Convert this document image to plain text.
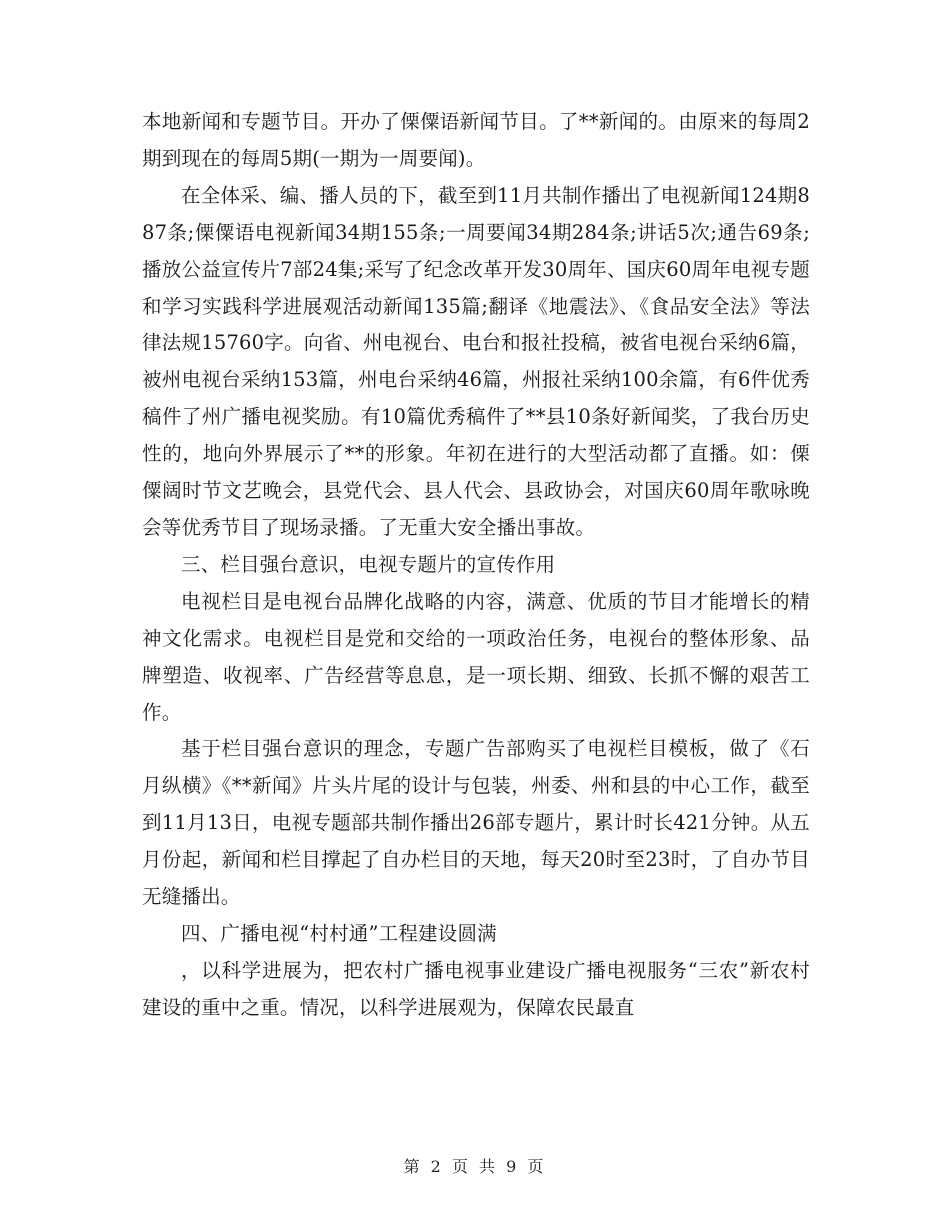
本地新闻和专题节目。开办了傈僳语新闻节目。了**新闻的。由原来的每周2期到现在的每周5期(一期为一周要闻)。

在全体采、编、播人员的下，截至到11月共制作播出了电视新闻124期887条;傈僳语电视新闻34期155条;一周要闻34期284条;讲话5次;通告69条;播放公益宣传片7部24集;采写了纪念改革开发30周年、国庆60周年电视专题和学习实践科学进展观活动新闻135篇;翻译《地震法》、《食品安全法》等法律法规15760字。向省、州电视台、电台和报社投稿，被省电视台采纳6篇，被州电视台采纳153篇，州电台采纳46篇，州报社采纳100余篇，有6件优秀稿件了州广播电视奖励。有10篇优秀稿件了**县10条好新闻奖，了我台历史性的，地向外界展示了**的形象。年初在进行的大型活动都了直播。如：傈僳阔时节文艺晚会，县党代会、县人代会、县政协会，对国庆60周年歌咏晚会等优秀节目了现场录播。了无重大安全播出事故。

三、栏目强台意识，电视专题片的宣传作用

电视栏目是电视台品牌化战略的内容，满意、优质的节目才能增长的精神文化需求。电视栏目是党和交给的一项政治任务，电视台的整体形象、品牌塑造、收视率、广告经营等息息，是一项长期、细致、长抓不懈的艰苦工作。

基于栏目强台意识的理念，专题广告部购买了电视栏目模板，做了《石月纵横》《**新闻》片头片尾的设计与包装，州委、州和县的中心工作，截至到11月13日，电视专题部共制作播出26部专题片，累计时长421分钟。从五月份起，新闻和栏目撑起了自办栏目的天地，每天20时至23时，了自办节目无缝播出。

四、广播电视“村村通”工程建设圆满

，以科学进展为，把农村广播电视事业建设广播电视服务“三农”新农村建设的重中之重。情况，以科学进展观为，保障农民最直

第 2 页 共 9 页
